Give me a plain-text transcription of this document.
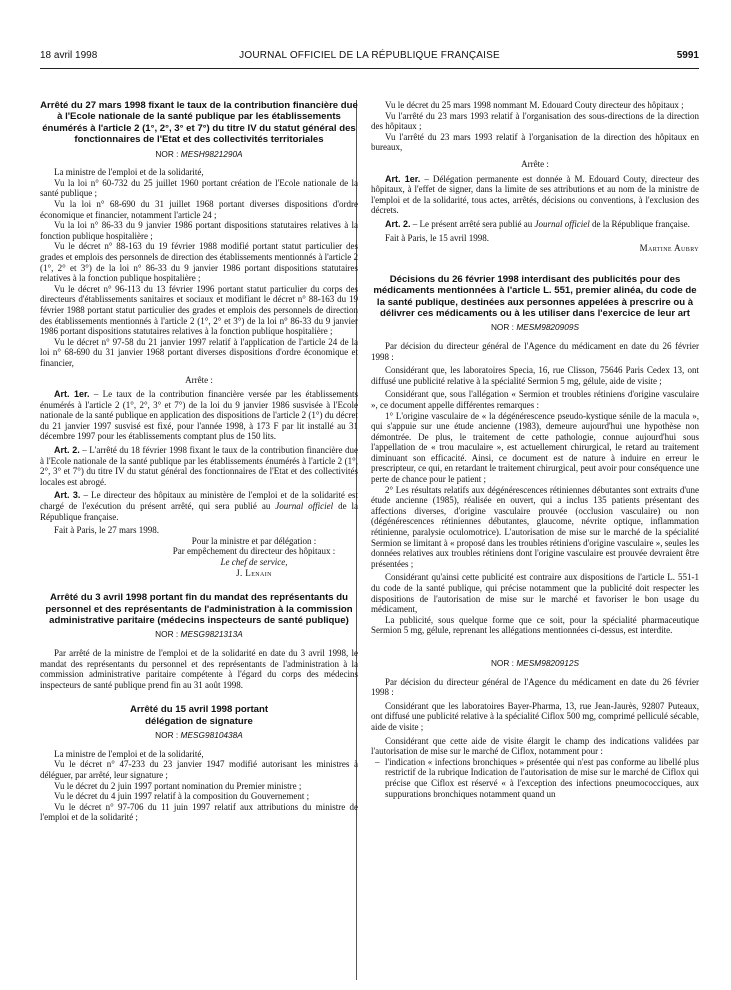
18 avril 1998	JOURNAL OFFICIEL DE LA RÉPUBLIQUE FRANÇAISE	5991
Arrêté du 27 mars 1998 fixant le taux de la contribution financière due à l'Ecole nationale de la santé publique par les établissements énumérés à l'article 2 (1°, 2°, 3° et 7°) du titre IV du statut général des fonctionnaires de l'Etat et des collectivités territoriales
NOR : MESH9821290A

La ministre de l'emploi et de la solidarité,

Vu la loi n° 60-732 du 25 juillet 1960 portant création de l'Ecole nationale de la santé publique ;

Vu la loi n° 68-690 du 31 juillet 1968 portant diverses dispositions d'ordre économique et financier, notamment l'article 24 ;

Vu la loi n° 86-33 du 9 janvier 1986 portant dispositions statutaires relatives à la fonction publique hospitalière ;

Vu le décret n° 88-163 du 19 février 1988 modifié portant statut particulier des grades et emplois des personnels de direction des établissements mentionnés à l'article 2 (1°, 2° et 3°) de la loi n° 86-33 du 9 janvier 1986 portant dispositions statutaires relatives à la fonction publique hospitalière ;

Vu le décret n° 96-113 du 13 février 1996 portant statut particulier du corps des directeurs d'établissements sanitaires et sociaux et modifiant le décret n° 88-163 du 19 février 1988 portant statut particulier des grades et emplois des personnels de direction des établissements mentionnés à l'article 2 (1°, 2° et 3°) de la loi n° 86-33 du 9 janvier 1986 portant dispositions statutaires relatives à la fonction publique hospitalière ;

Vu le décret n° 97-58 du 21 janvier 1997 relatif à l'application de l'article 24 de la loi n° 68-690 du 31 janvier 1968 portant diverses dispositions d'ordre économique et financier,

Arrête :

Art. 1er. – Le taux de la contribution financière versée par les établissements énumérés à l'article 2 (1°, 2°, 3° et 7°) de la loi du 9 janvier 1986 susvisée à l'Ecole nationale de la santé publique en application des dispositions de l'article 2 (1°) du décret du 21 janvier 1997 susvisé est fixé, pour l'année 1998, à 173 F par lit installé au 31 décembre 1997 pour les établissements comptant plus de 150 lits.

Art. 2. – L'arrêté du 18 février 1998 fixant le taux de la contribution financière due à l'Ecole nationale de la santé publique par les établissements énumérés à l'article 2 (1°, 2°, 3° et 7°) du titre IV du statut général des fonctionnaires de l'Etat et des collectivités locales est abrogé.

Art. 3. – Le directeur des hôpitaux au ministère de l'emploi et de la solidarité est chargé de l'exécution du présent arrêté, qui sera publié au Journal officiel de la République française.

Fait à Paris, le 27 mars 1998.

Pour la ministre et par délégation :

Par empêchement du directeur des hôpitaux :

Le chef de service,

J. Lenain

Arrêté du 3 avril 1998 portant fin du mandat des représentants du personnel et des représentants de l'administration à la commission administrative paritaire (médecins inspecteurs de santé publique)
NOR : MESG9821313A

Par arrêté de la ministre de l'emploi et de la solidarité en date du 3 avril 1998, le mandat des représentants du personnel et des représentants de l'administration à la commission administrative paritaire compétente à l'égard du corps des médecins inspecteurs de santé publique prend fin au 31 août 1998.

Arrêté du 15 avril 1998 portant délégation de signature
NOR : MESG9810438A

La ministre de l'emploi et de la solidarité,

Vu le décret n° 47-233 du 23 janvier 1947 modifié autorisant les ministres à déléguer, par arrêté, leur signature ;

Vu le décret du 2 juin 1997 portant nomination du Premier ministre ;

Vu le décret du 4 juin 1997 relatif à la composition du Gouvernement ;

Vu le décret n° 97-706 du 11 juin 1997 relatif aux attributions du ministre de l'emploi et de la solidarité ;

Vu le décret du 25 mars 1998 nommant M. Edouard Couty directeur des hôpitaux ;

Vu l'arrêté du 23 mars 1993 relatif à l'organisation des sous-directions de la direction des hôpitaux ;

Vu l'arrêté du 23 mars 1993 relatif à l'organisation de la direction des hôpitaux en bureaux,

Arrête :

Art. 1er. – Délégation permanente est donnée à M. Edouard Couty, directeur des hôpitaux, à l'effet de signer, dans la limite de ses attributions et au nom de la ministre de l'emploi et de la solidarité, tous actes, arrêtés, décisions ou conventions, à l'exclusion des décrets.

Art. 2. – Le présent arrêté sera publié au Journal officiel de la République française.

Fait à Paris, le 15 avril 1998.

Martine Aubry

Décisions du 26 février 1998 interdisant des publicités pour des médicaments mentionnées à l'article L. 551, premier alinéa, du code de la santé publique, destinées aux personnes appelées à prescrire ou à délivrer ces médicaments ou à les utiliser dans l'exercice de leur art
NOR : MESM9820909S

Par décision du directeur général de l'Agence du médicament en date du 26 février 1998 :

Considérant que, les laboratoires Specia, 16, rue Clisson, 75646 Paris Cedex 13, ont diffusé une publicité relative à la spécialité Sermion 5 mg, gélule, aide de visite ;

Considérant que, sous l'allégation « Sermion et troubles rétiniens d'origine vasculaire », ce document appelle différentes remarques :

1° L'origine vasculaire de « la dégénérescence pseudo-kystique sénile de la macula », qui s'appuie sur une étude ancienne (1983), demeure aujourd'hui une hypothèse non démontrée. De plus, le traitement de cette pathologie, connue aujourd'hui sous l'appellation de « trou maculaire », est actuellement chirurgical, le retard au traitement diminuant son efficacité. Ainsi, ce document est de nature à induire en erreur le prescripteur, ce qui, en retardant le traitement chirurgical, peut avoir pour conséquence une perte de chance pour le patient ;

2° Les résultats relatifs aux dégénérescences rétiniennes débutantes sont extraits d'une étude ancienne (1985), réalisée en ouvert, qui a inclus 135 patients présentant des affections diverses, d'origine vasculaire prouvée (occlusion vasculaire) ou non (dégénérescences rétiniennes débutantes, glaucome, névrite optique, inflammation rétinienne, paralysie oculomotrice). L'autorisation de mise sur le marché de la spécialité Sermion se limitant à « proposé dans les troubles rétiniens d'origine vasculaire », seules les données relatives aux troubles rétiniens dont l'origine vasculaire est prouvée devraient être présentées ;

Considérant qu'ainsi cette publicité est contraire aux dispositions de l'article L. 551-1 du code de la santé publique, qui précise notamment que la publicité doit respecter les dispositions de l'autorisation de mise sur le marché et favoriser le bon usage du médicament,

La publicité, sous quelque forme que ce soit, pour la spécialité pharmaceutique Sermion 5 mg, gélule, reprenant les allégations mentionnées ci-dessus, est interdite.

NOR : MESM9820912S

Par décision du directeur général de l'Agence du médicament en date du 26 février 1998 :

Considérant que les laboratoires Bayer-Pharma, 13, rue Jean-Jaurès, 92807 Puteaux, ont diffusé une publicité relative à la spécialité Ciflox 500 mg, comprimé pelliculé sécable, aide de visite ;

Considérant que cette aide de visite élargit le champ des indications validées par l'autorisation de mise sur le marché de Ciflox, notamment pour :

– l'indication « infections bronchiques » présentée qui n'est pas conforme au libellé plus restrictif de la rubrique Indication de l'autorisation de mise sur le marché de Ciflox qui précise que Ciflox est réservé « à l'exception des infections pneumococciques, aux suppurations bronchiques notamment quand un
